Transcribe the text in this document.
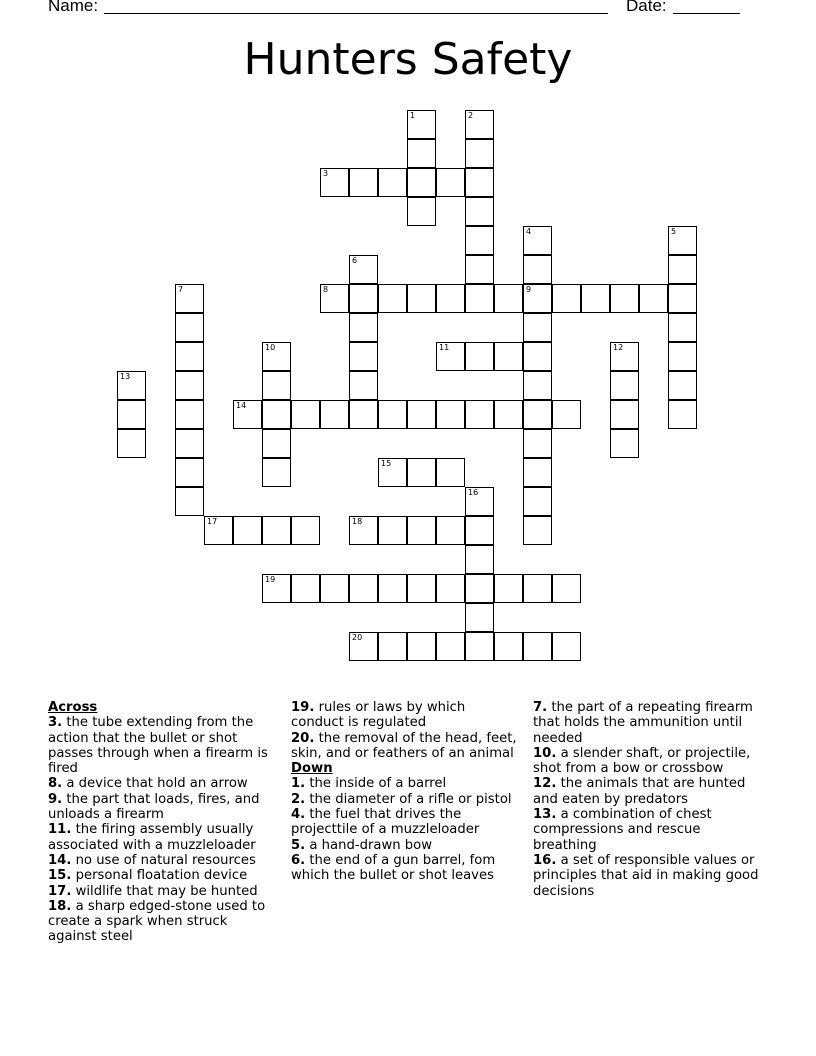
Name:	Date:
Hunters Safety
1	2
3
4
9
5
6
7	8
10	11	12
13
14
15
16
17	18
19
20
Across
3. the tube extending from the action that the bullet or shot passes through when a firearm is fired
8. a device that hold an arrow
9. the part that loads, fires, and unloads a firearm
11. the firing assembly usually associated with a muzzleloader
14. no use of natural resources
15. personal floatation device
17. wildlife that may be hunted
18. a sharp edged-stone used to create a spark when struck against steel
19. rules or laws by which conduct is regulated
20. the removal of the head, feet, skin, and or feathers of an animal
Down
1. the inside of a barrel
2. the diameter of a rifle or pistol
4. the fuel that drives the projecttile of a muzzleloader
5. a hand-drawn bow
6. the end of a gun barrel, fom which the bullet or shot leaves
7. the part of a repeating firearm that holds the ammunition until needed
10. a slender shaft, or projectile, shot from a bow or crossbow
12. the animals that are hunted and eaten by predators
13. a combination of chest compressions and rescue breathing
16. a set of responsible values or principles that aid in making good decisions
